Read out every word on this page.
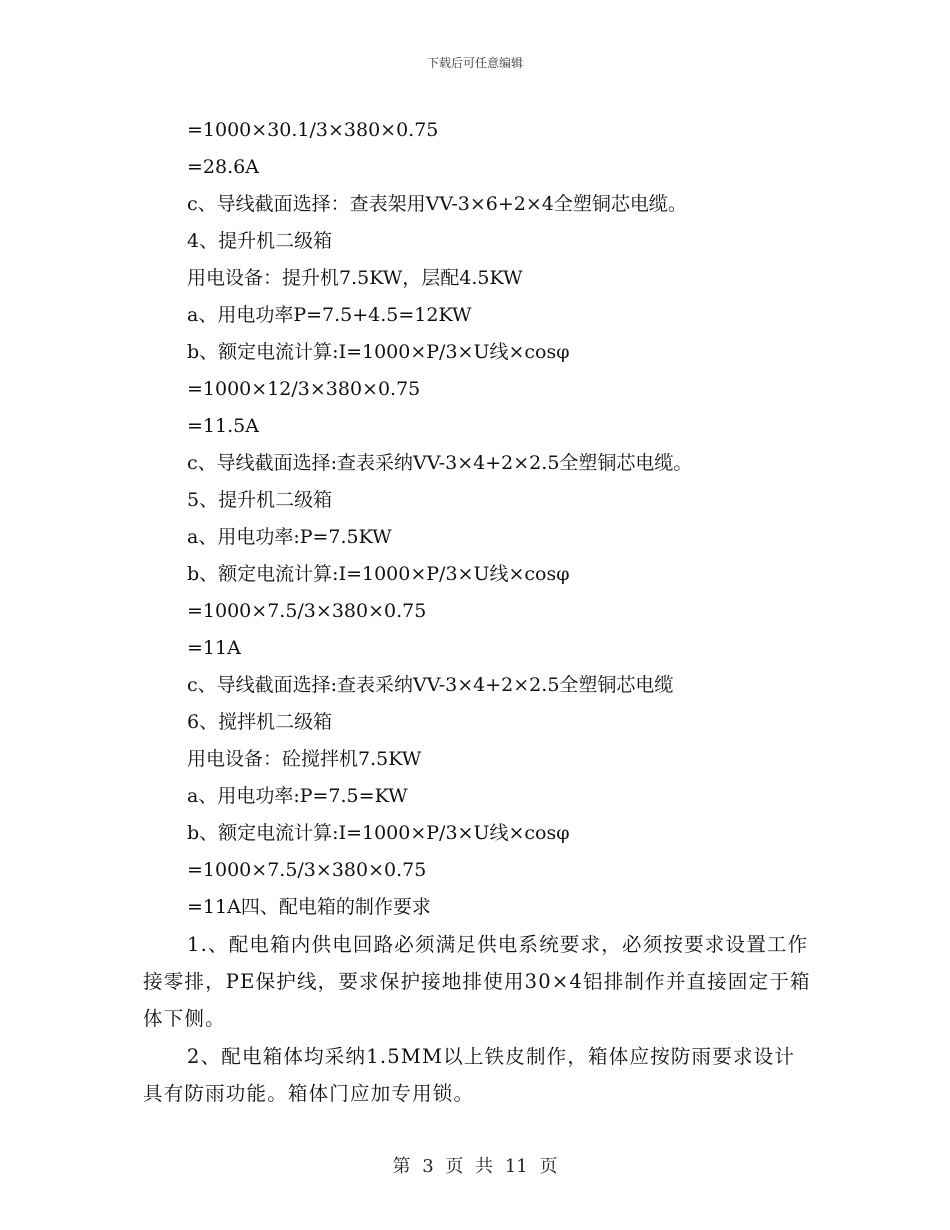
下载后可任意编辑
=1000×30.1/3×380×0.75
=28.6A
c、导线截面选择：查表架用VV-3×6+2×4全塑铜芯电缆。
4、提升机二级箱
用电设备：提升机7.5KW，层配4.5KW
a、用电功率P=7.5+4.5=12KW
b、额定电流计算:I=1000×P/3×U线×cosφ
=1000×12/3×380×0.75
=11.5A
c、导线截面选择:查表采纳VV-3×4+2×2.5全塑铜芯电缆。
5、提升机二级箱
a、用电功率:P=7.5KW
b、额定电流计算:I=1000×P/3×U线×cosφ
=1000×7.5/3×380×0.75
=11A
c、导线截面选择:查表采纳VV-3×4+2×2.5全塑铜芯电缆
6、搅拌机二级箱
用电设备：砼搅拌机7.5KW
a、用电功率:P=7.5=KW
b、额定电流计算:I=1000×P/3×U线×cosφ
=1000×7.5/3×380×0.75
=11A四、配电箱的制作要求

1.、配电箱内供电回路必须满足供电系统要求，必须按要求设置工作接零排，PE保护线，要求保护接地排使用30×4铝排制作并直接固定于箱体下侧。

2、配电箱体均采纳1.5MM以上铁皮制作，箱体应按防雨要求设计具有防雨功能。箱体门应加专用锁。

第 3 页 共 11 页
